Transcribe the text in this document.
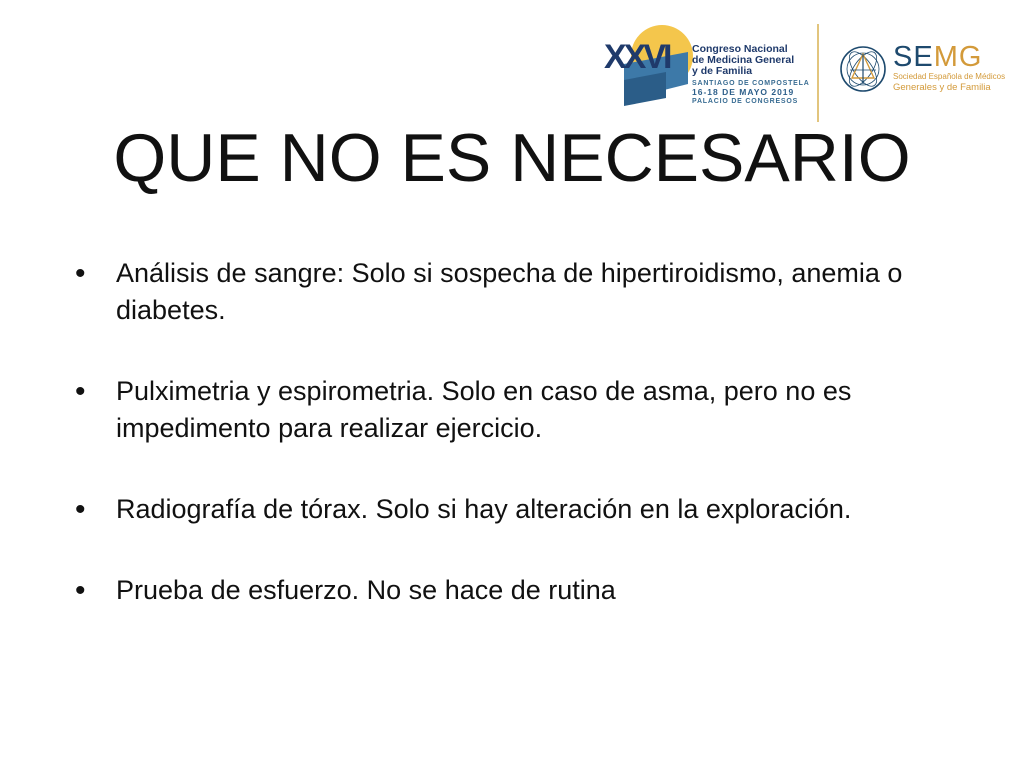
XXVI Congreso Nacional
de Medicina General
y de Familia
SANTIAGO DE COMPOSTELA
16-18 DE MAYO 2019
PALACIO DE CONGRESOS
SEMG
Sociedad Española de Médicos
Generales y de Familia
QUE NO ES NECESARIO
• Análisis de sangre: Solo si sospecha de hipertiroidismo, anemia o diabetes.
• Pulximetria y espirometria. Solo en caso de asma, pero no es impedimento para realizar ejercicio.
• Radiografía de tórax. Solo si hay alteración en la exploración.
• Prueba de esfuerzo. No se hace de rutina
